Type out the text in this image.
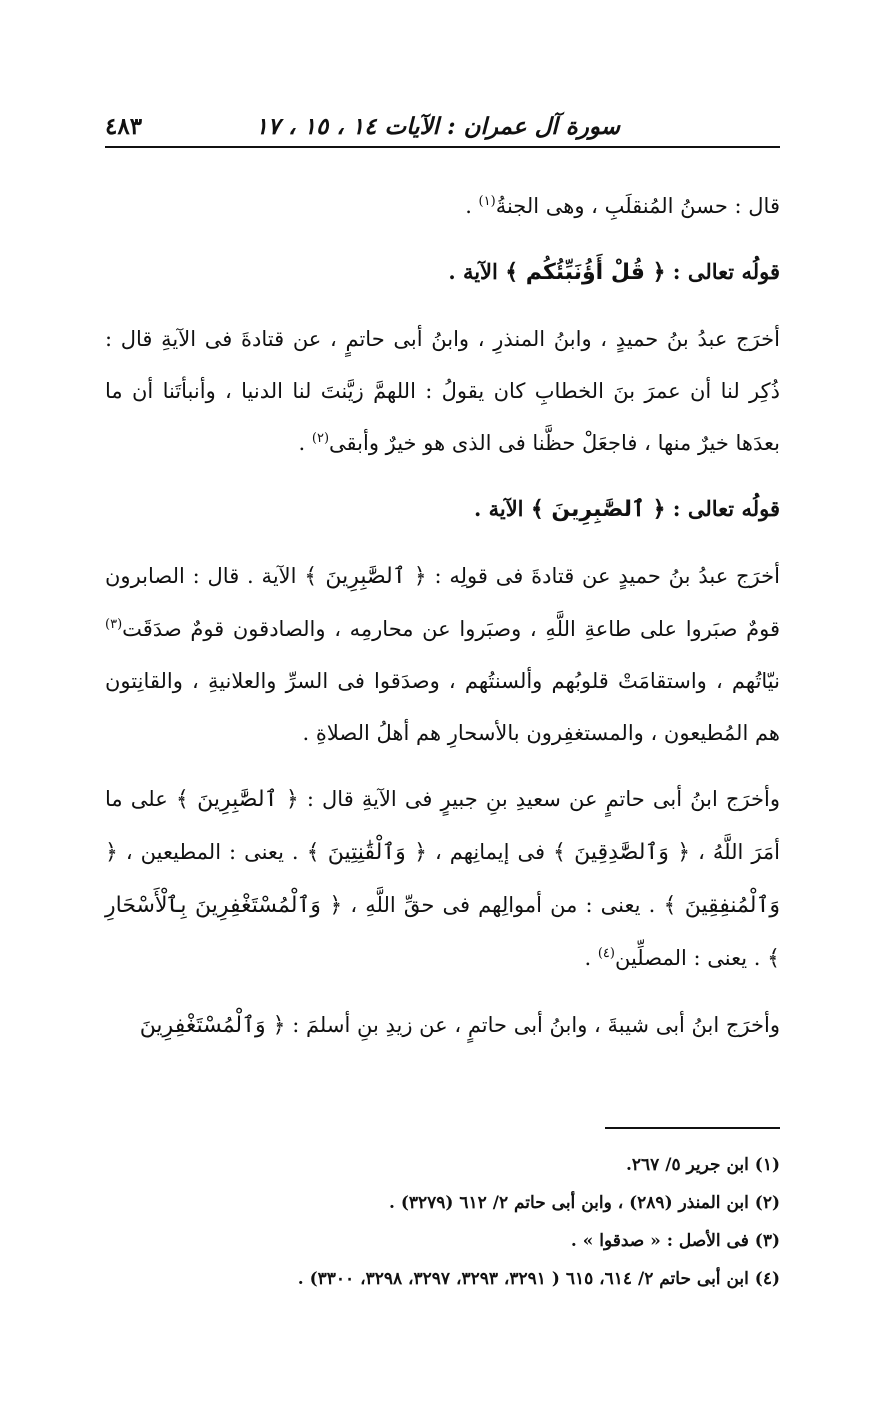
سورة آل عمران : الآيات ١٤ ، ١٥ ، ١٧
٤٨٣

قال : حسنُ المُنقلَبِ ، وهى الجنةُ$^{(١)}$ .

قولُه تعالى : ﴿ قُلْ أَؤُنَبِّئُكُم ﴾ الآية .

أخرَج عبدُ بنُ حميدٍ ، وابنُ المنذرِ ، وابنُ أبى حاتمٍ ، عن قتادةَ فى الآيةِ قال : ذُكِر لنا أن عمرَ بنَ الخطابِ كان يقولُ : اللهمَّ زيَّنتَ لنا الدنيا ، وأنبأتَنا أن ما بعدَها خيرٌ منها ، فاجعَلْ حظَّنا فى الذى هو خيرٌ وأبقى$^{(٢)}$ .

قولُه تعالى : ﴿ ٱلصَّٰبِرِينَ ﴾ الآية .

أخرَج عبدُ بنُ حميدٍ عن قتادةَ فى قولِه : ﴿ ٱلصَّٰبِرِينَ ﴾ الآية . قال : الصابرون قومٌ صبَروا على طاعةِ اللَّهِ ، وصبَروا عن محارمِه ، والصادقون قومٌ صدَقَت$^{(٣)}$ نيّاتُهم ، واستقامَتْ قلوبُهم وألسنتُهم ، وصدَقوا فى السرِّ والعلانيةِ ، والقانِتون هم المُطيعون ، والمستغفِرون بالأسحارِ هم أهلُ الصلاةِ .

وأخرَج ابنُ أبى حاتمٍ عن سعيدِ بنِ جبيرٍ فى الآيةِ قال : ﴿ ٱلصَّٰبِرِينَ ﴾ على ما أمَرَ اللَّهُ ، ﴿ وَٱلصَّٰدِقِينَ ﴾ فى إيمانِهم ، ﴿ وَٱلْقَٰنِتِينَ ﴾ . يعنى : المطيعين ، ﴿ وَٱلْمُنفِقِينَ ﴾ . يعنى : من أموالِهم فى حقِّ اللَّهِ ، ﴿ وَٱلْمُسْتَغْفِرِينَ بِٱلْأَسْحَارِ ﴾ . يعنى : المصلِّين$^{(٤)}$ .

وأخرَج ابنُ أبى شيبةَ ، وابنُ أبى حاتمٍ ، عن زيدِ بنِ أسلمَ : ﴿ وَٱلْمُسْتَغْفِرِينَ

(١) ابن جرير ٥/ ٢٦٧.
(٢) ابن المنذر (٢٨٩) ، وابن أبى حاتم ٢/ ٦١٢ (٣٢٧٩) .
(٣) فى الأصل : « صدقوا » .
(٤) ابن أبى حاتم ٢/ ٦١٤، ٦١٥ ( ٣٢٩١، ٣٢٩٣، ٣٢٩٧، ٣٢٩٨، ٣٣٠٠) .
